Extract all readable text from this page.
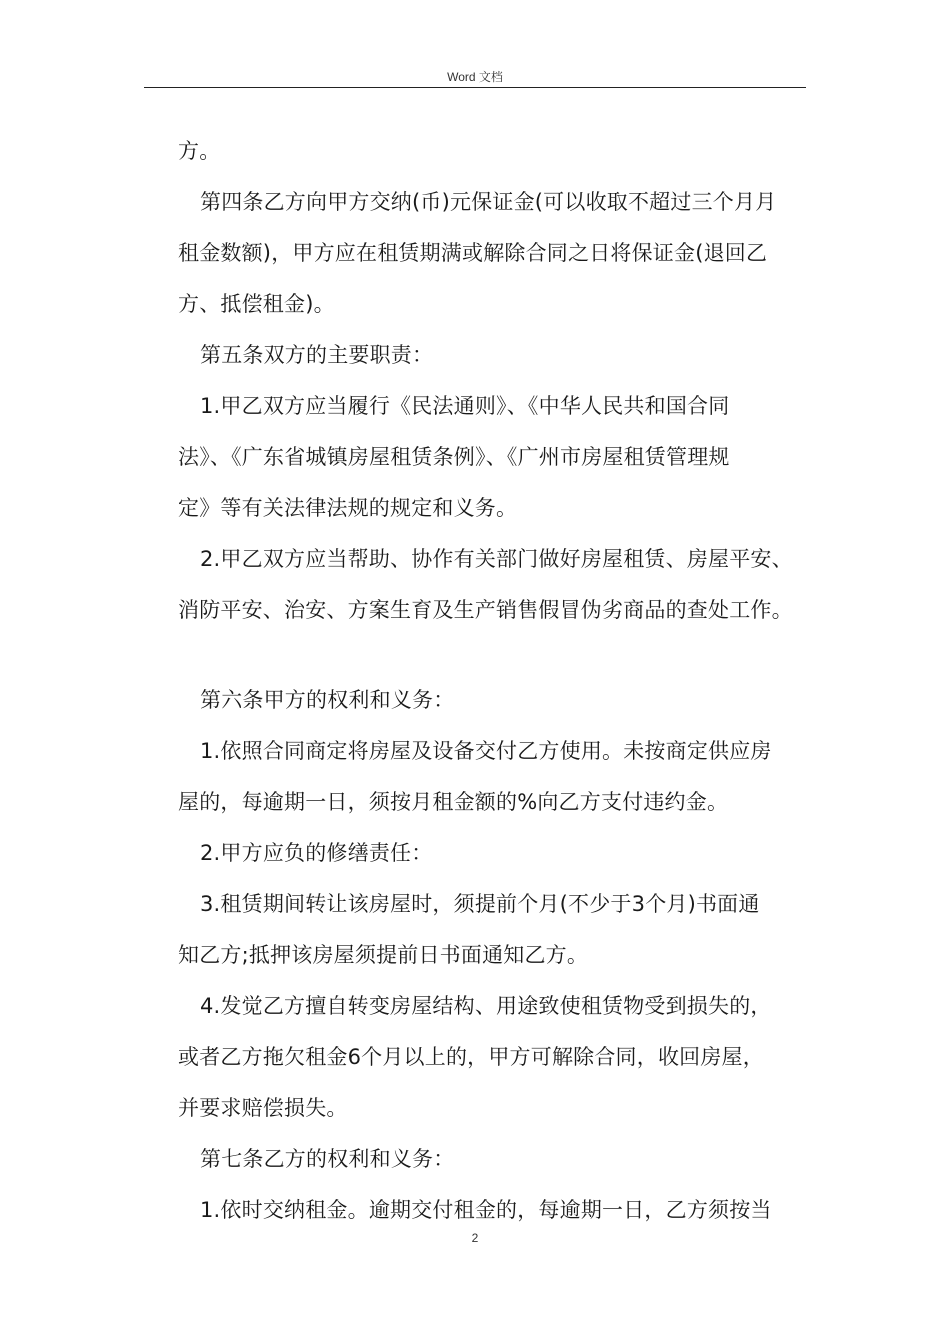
Word 文档
方。
第四条乙方向甲方交纳(币)元保证金(可以收取不超过三个月月
租金数额)，甲方应在租赁期满或解除合同之日将保证金(退回乙
方、抵偿租金)。
第五条双方的主要职责：
1.甲乙双方应当履行《民法通则》、《中华人民共和国合同
法》、《广东省城镇房屋租赁条例》、《广州市房屋租赁管理规
定》等有关法律法规的规定和义务。
2.甲乙双方应当帮助、协作有关部门做好房屋租赁、房屋平安、
消防平安、治安、方案生育及生产销售假冒伪劣商品的查处工作。
第六条甲方的权利和义务：
1.依照合同商定将房屋及设备交付乙方使用。未按商定供应房
屋的，每逾期一日，须按月租金额的%向乙方支付违约金。
2.甲方应负的修缮责任：
3.租赁期间转让该房屋时，须提前个月(不少于3个月)书面通
知乙方;抵押该房屋须提前日书面通知乙方。
4.发觉乙方擅自转变房屋结构、用途致使租赁物受到损失的，
或者乙方拖欠租金6个月以上的，甲方可解除合同，收回房屋，
并要求赔偿损失。
第七条乙方的权利和义务：
1.依时交纳租金。逾期交付租金的，每逾期一日，乙方须按当
2
